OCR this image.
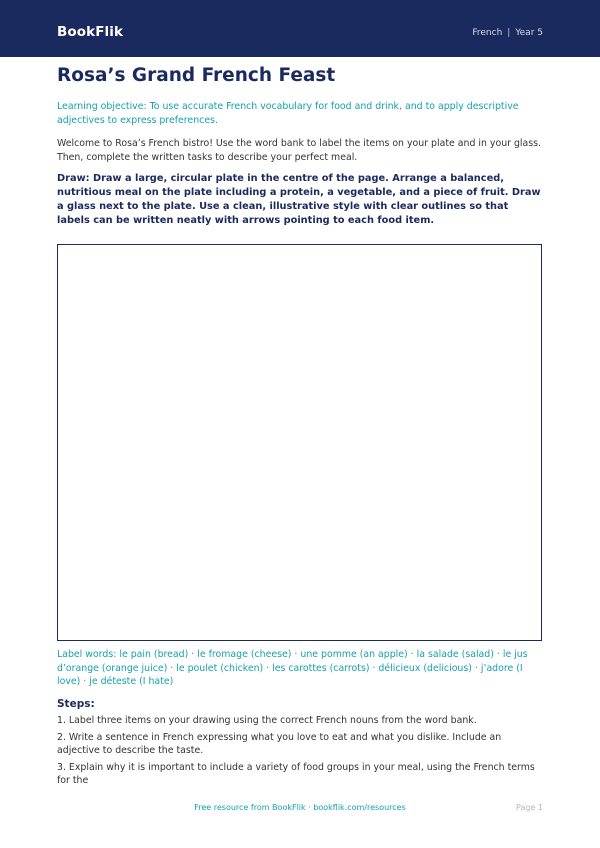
BookFlik	French | Year 5
Rosa’s Grand French Feast

Learning objective: To use accurate French vocabulary for food and drink, and to apply descriptive adjectives to express preferences.

Welcome to Rosa’s French bistro! Use the word bank to label the items on your plate and in your glass. Then, complete the written tasks to describe your perfect meal.

Draw: Draw a large, circular plate in the centre of the page. Arrange a balanced, nutritious meal on the plate including a protein, a vegetable, and a piece of fruit. Draw a glass next to the plate. Use a clean, illustrative style with clear outlines so that labels can be written neatly with arrows pointing to each food item.

Label words: le pain (bread) · le fromage (cheese) · une pomme (an apple) · la salade (salad) · le jus d’orange (orange juice) · le poulet (chicken) · les carottes (carrots) · délicieux (delicious) · j’adore (I love) · je déteste (I hate)

Steps:
1. Label three items on your drawing using the correct French nouns from the word bank.
2. Write a sentence in French expressing what you love to eat and what you dislike. Include an adjective to describe the taste.
3. Explain why it is important to include a variety of food groups in your meal, using the French terms for the
Free resource from BookFlik · bookflik.com/resources	Page 1
